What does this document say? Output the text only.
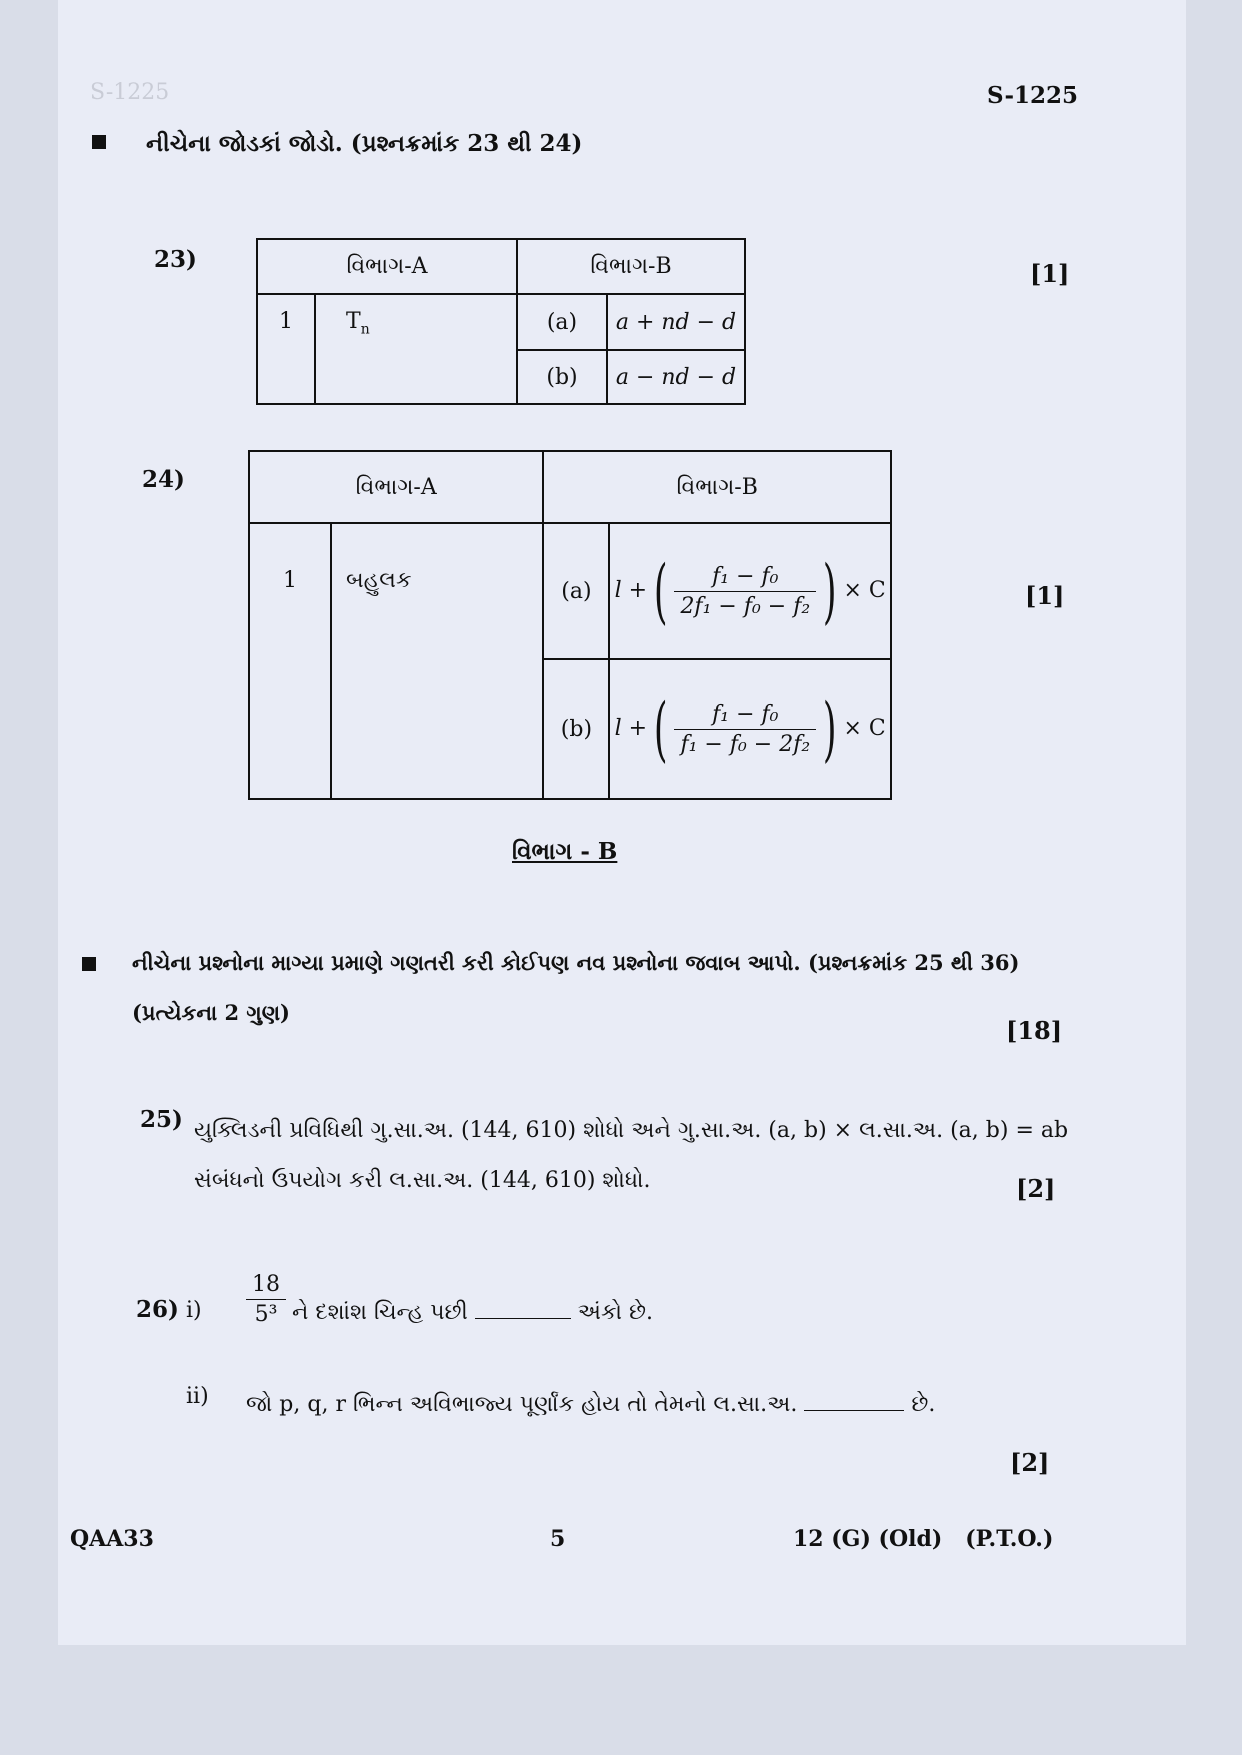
S-1225	S-1225
નીચેના જોડકાં જોડો. (પ્રશ્નક્રમાંક 23 થી 24)
23)	[1]
વિભાગ-A		વિભાગ-B	
1	$T_n$	(a)	a + nd − d
		(b)	a − nd − d
24)
[1]
વિભાગ-A		વિભાગ-B	
1	બહુલક	(a)	l +( $\frac{\text{f₁ − f₀}}{\text{2f₁ − f₀ − f₂}}$ ) × C
		(b)	l +( $\frac{\text{f₁ − f₀}}{\text{f₁ − f₀ − 2f₂}}$ ) × C
વિભાગ - B
નીચેના પ્રશ્નોના માગ્યા પ્રમાણે ગણતરી કરી કોઈપણ નવ પ્રશ્નોના જવાબ આપો. (પ્રશ્નક્રમાંક 25 થી 36)
(પ્રત્યેકના 2 ગુણ)
[18]
25) યુક્લિડની પ્રવિધિથી ગુ.સા.અ. (144, 610) શોધો અને ગુ.સા.અ. (a, b) × લ.સા.અ. (a, b) = ab
સંબંધનો ઉપયોગ કરી લ.સા.અ. (144, 610) શોધો.	[2]
26) $i) \frac{18}{\text{5³}}$ ને દશાંશ ચિન્હ પછી	અંકો છે.
ii) જો p, q, r ભિન્ન અવિભાજ્ય પૂર્ણાંક હોય તો તેમનો લ.સા.અ.	છે.
[2]
QAA33	5	12 (G) (Old)   (P.T.O.)
